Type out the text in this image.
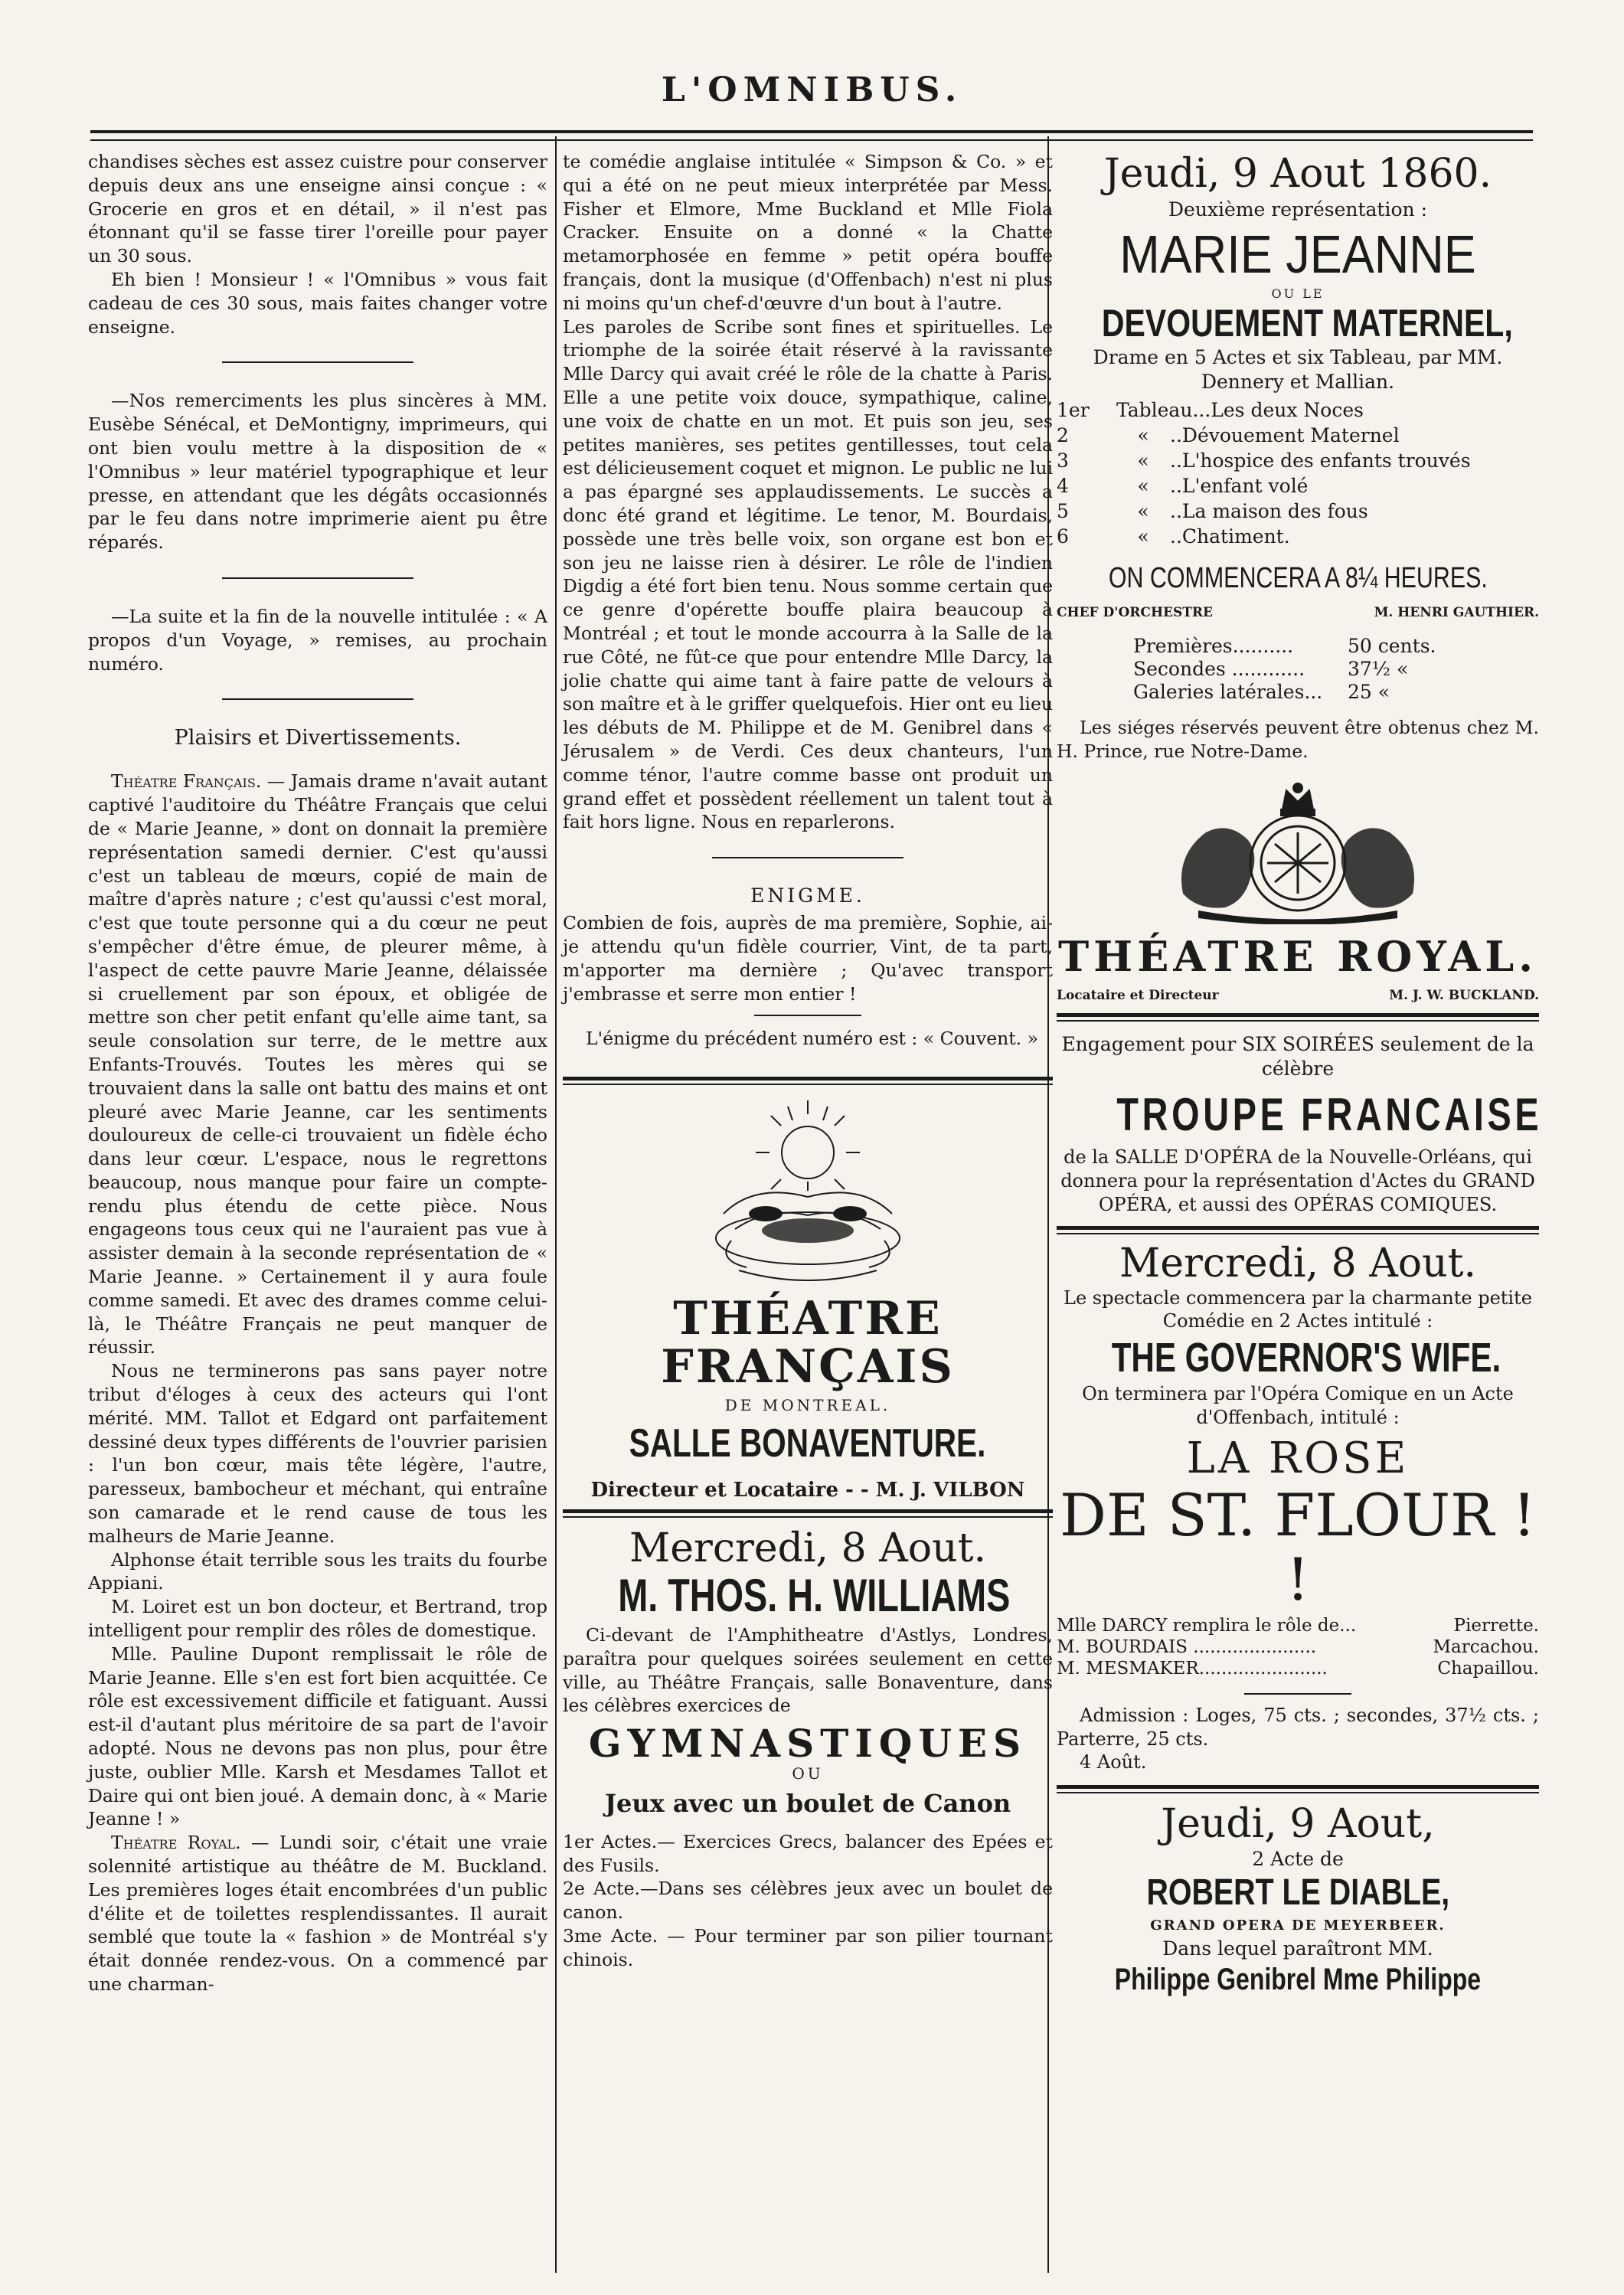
L'OMNIBUS.

chandises sèches est assez cuistre pour conserver depuis deux ans une enseigne ainsi conçue : « Grocerie en gros et en détail, » il n'est pas étonnant qu'il se fasse tirer l'oreille pour payer un 30 sous.

Eh bien ! Monsieur ! « l'Omnibus » vous fait cadeau de ces 30 sous, mais faites changer votre enseigne.

—Nos remerciments les plus sincères à MM. Eusèbe Sénécal, et DeMontigny, imprimeurs, qui ont bien voulu mettre à la disposition de « l'Omnibus » leur matériel typographique et leur presse, en attendant que les dégâts occasionnés par le feu dans notre imprimerie aient pu être réparés.

—La suite et la fin de la nouvelle intitulée : « A propos d'un Voyage, » remises, au prochain numéro.

Plaisirs et Divertissements.

Théatre Français. — Jamais drame n'avait autant captivé l'auditoire du Théâtre Français que celui de « Marie Jeanne, » dont on donnait la première représentation samedi dernier. C'est qu'aussi c'est un tableau de mœurs, copié de main de maître d'après nature ; c'est qu'aussi c'est moral, c'est que toute personne qui a du cœur ne peut s'empêcher d'être émue, de pleurer même, à l'aspect de cette pauvre Marie Jeanne, délaissée si cruellement par son époux, et obligée de mettre son cher petit enfant qu'elle aime tant, sa seule consolation sur terre, de le mettre aux Enfants-Trouvés. Toutes les mères qui se trouvaient dans la salle ont battu des mains et ont pleuré avec Marie Jeanne, car les sentiments douloureux de celle-ci trouvaient un fidèle écho dans leur cœur. L'espace, nous le regrettons beaucoup, nous manque pour faire un compte-rendu plus étendu de cette pièce. Nous engageons tous ceux qui ne l'auraient pas vue à assister demain à la seconde représentation de « Marie Jeanne. » Certainement il y aura foule comme samedi. Et avec des drames comme celui-là, le Théâtre Français ne peut manquer de réussir.

Nous ne terminerons pas sans payer notre tribut d'éloges à ceux des acteurs qui l'ont mérité. MM. Tallot et Edgard ont parfaitement dessiné deux types différents de l'ouvrier parisien : l'un bon cœur, mais tête légère, l'autre, paresseux, bambocheur et méchant, qui entraîne son camarade et le rend cause de tous les malheurs de Marie Jeanne.

Alphonse était terrible sous les traits du fourbe Appiani.

M. Loiret est un bon docteur, et Bertrand, trop intelligent pour remplir des rôles de domestique.

Mlle. Pauline Dupont remplissait le rôle de Marie Jeanne. Elle s'en est fort bien acquittée. Ce rôle est excessivement difficile et fatiguant. Aussi est-il d'autant plus méritoire de sa part de l'avoir adopté. Nous ne devons pas non plus, pour être juste, oublier Mlle. Karsh et Mesdames Tallot et Daire qui ont bien joué. A demain donc, à « Marie Jeanne ! »

Théatre Royal. — Lundi soir, c'était une vraie solennité artistique au théâtre de M. Buckland. Les premières loges était encombrées d'un public d'élite et de toilettes resplendissantes. Il aurait semblé que toute la « fashion » de Montréal s'y était donnée rendez-vous. On a commencé par une charman-

te comédie anglaise intitulée « Simpson & Co. » et qui a été on ne peut mieux interprétée par Mess. Fisher et Elmore, Mme Buckland et Mlle Fiola Cracker. Ensuite on a donné « la Chatte metamorphosée en femme » petit opéra bouffe français, dont la musique (d'Offenbach) n'est ni plus ni moins qu'un chef-d'œuvre d'un bout à l'autre.

Les paroles de Scribe sont fines et spirituelles. Le triomphe de la soirée était réservé à la ravissante Mlle Darcy qui avait créé le rôle de la chatte à Paris. Elle a une petite voix douce, sympathique, caline, une voix de chatte en un mot. Et puis son jeu, ses petites manières, ses petites gentillesses, tout cela est délicieusement coquet et mignon. Le public ne lui a pas épargné ses applaudissements. Le succès a donc été grand et légitime. Le tenor, M. Bourdais, possède une très belle voix, son organe est bon et son jeu ne laisse rien à désirer. Le rôle de l'indien Digdig a été fort bien tenu. Nous somme certain que ce genre d'opérette bouffe plaira beaucoup à Montréal ; et tout le monde accourra à la Salle de la rue Côté, ne fût-ce que pour entendre Mlle Darcy, la jolie chatte qui aime tant à faire patte de velours à son maître et à le griffer quelquefois. Hier ont eu lieu les débuts de M. Philippe et de M. Genibrel dans « Jérusalem » de Verdi. Ces deux chanteurs, l'un comme ténor, l'autre comme basse ont produit un grand effet et possèdent réellement un talent tout à fait hors ligne. Nous en reparlerons.

ENIGME.

Combien de fois, auprès de ma première, Sophie, ai-je attendu qu'un fidèle courrier, Vint, de ta part, m'apporter ma dernière ; Qu'avec transport j'embrasse et serre mon entier !

L'énigme du précédent numéro est : « Couvent. »

THÉATRE FRANÇAIS
DE MONTREAL.
SALLE BONAVENTURE.
Directeur et Locataire - - M. J. VILBON
Mercredi, 8 Aout.
M. THOS. H. WILLIAMS

Ci-devant de l'Amphitheatre d'Astlys, Londres, paraîtra pour quelques soirées seulement en cette ville, au Théâtre Français, salle Bonaventure, dans les célèbres exercices de

GYMNASTIQUES
OU
Jeux avec un boulet de Canon

1er Actes.— Exercices Grecs, balancer des Epées et des Fusils.

2e Acte.—Dans ses célèbres jeux avec un boulet de canon.

3me Acte. — Pour terminer par son pilier tournant chinois.

Jeudi, 9 Aout 1860.
Deuxième représentation :
MARIE JEANNE
OU LE
DEVOUEMENT MATERNEL,
Drame en 5 Actes et six Tableau, par MM. Dennery et Mallian.
1er	Tableau. ..Les deux Noces
2	«	..Dévouement Maternel
3	«	..L'hospice des enfants trouvés
4	«	..L'enfant volé
5	«	..La maison des fous
6	«	..Chatiment.
ON COMMENCERA A 8¼ HEURES.
CHEF D'ORCHESTRE	M. HENRI GAUTHIER.
Premières..........	50 cents.
Secondes ............	37½ «
Galeries latérales...	25 «

Les siéges réservés peuvent être obtenus chez M. H. Prince, rue Notre-Dame.

THÉATRE ROYAL.
Locataire et Directeur	M. J. W. BUCKLAND.
Engagement pour SIX SOIRÉES seulement de la célèbre
TROUPE FRANCAISE

de la SALLE D'OPÉRA de la Nouvelle-Orléans, qui donnera pour la représentation d'Actes du GRAND OPÉRA, et aussi des OPÉRAS COMIQUES.

Mercredi, 8 Aout.

Le spectacle commencera par la charmante petite Comédie en 2 Actes intitulé :

THE GOVERNOR'S WIFE.

On terminera par l'Opéra Comique en un Acte d'Offenbach, intitulé :

LA ROSE
DE ST. FLOUR ! !
Mlle DARCY remplira le rôle de...	Pierrette.
M. BOURDAIS ......................	Marcachou.
M. MESMAKER.......................	Chapaillou.

Admission : Loges, 75 cts. ; secondes, 37½ cts. ; Parterre, 25 cts.

4 Août.

Jeudi, 9 Aout,
2 Acte de
ROBERT LE DIABLE,
GRAND OPERA DE MEYERBEER.
Dans lequel paraîtront MM.
Philippe Genibrel Mme Philippe
